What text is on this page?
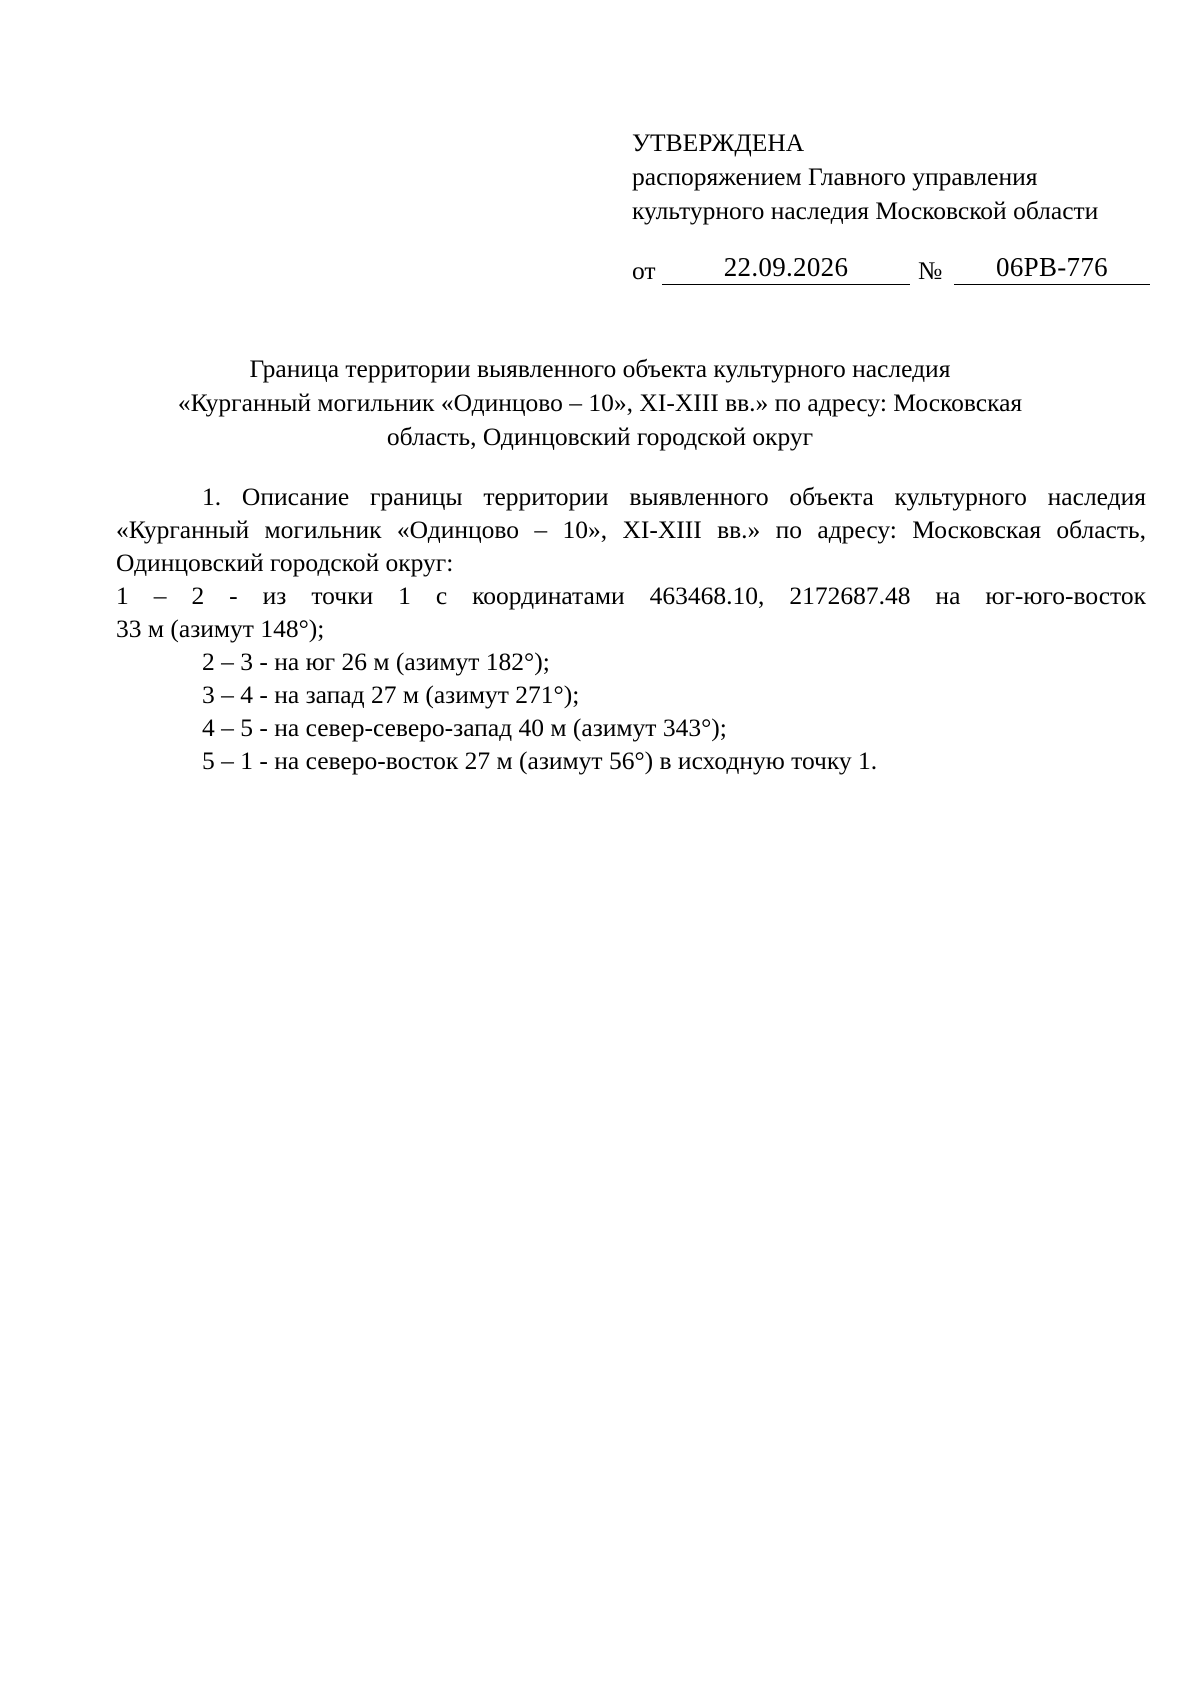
УТВЕРЖДЕНА
распоряжением Главного управления
культурного наследия Московской области
от	22.09.2026	№	06РВ-776
Граница территории выявленного объекта культурного наследия
«Курганный могильник «Одинцово – 10», XI-XIII вв.» по адресу: Московская
область, Одинцовский городской округ

1. Описание границы территории выявленного объекта культурного наследия «Курганный могильник «Одинцово – 10», XI-XIII вв.» по адресу: Московская область, Одинцовский городской округ:

1 – 2 - из точки 1 с координатами 463468.10, 2172687.48 на юг-юго-восток

33 м (азимут 148°);

2 – 3 - на юг 26 м (азимут 182°);

3 – 4 - на запад 27 м (азимут 271°);

4 – 5 - на север-северо-запад 40 м (азимут 343°);

5 – 1 - на северо-восток 27 м (азимут 56°) в исходную точку 1.
